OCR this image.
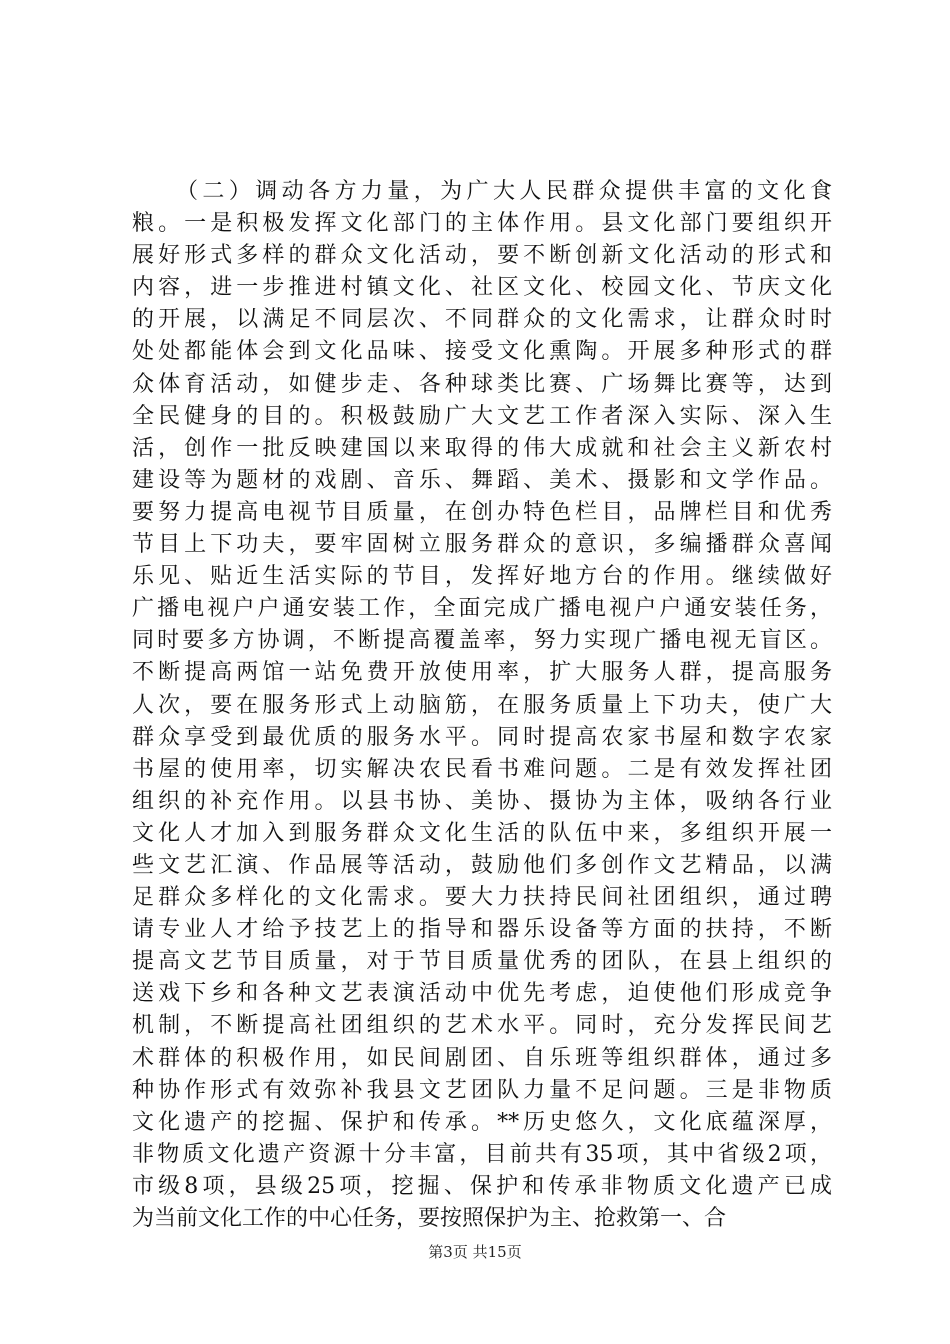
（二）调动各方力量，为广大人民群众提供丰富的文化食
粮。一是积极发挥文化部门的主体作用。县文化部门要组织开
展好形式多样的群众文化活动，要不断创新文化活动的形式和
内容，进一步推进村镇文化、社区文化、校园文化、节庆文化
的开展，以满足不同层次、不同群众的文化需求，让群众时时
处处都能体会到文化品味、接受文化熏陶。开展多种形式的群
众体育活动，如健步走、各种球类比赛、广场舞比赛等，达到
全民健身的目的。积极鼓励广大文艺工作者深入实际、深入生
活，创作一批反映建国以来取得的伟大成就和社会主义新农村
建设等为题材的戏剧、音乐、舞蹈、美术、摄影和文学作品。
要努力提高电视节目质量，在创办特色栏目，品牌栏目和优秀
节目上下功夫，要牢固树立服务群众的意识，多编播群众喜闻
乐见、贴近生活实际的节目，发挥好地方台的作用。继续做好
广播电视户户通安装工作，全面完成广播电视户户通安装任务，
同时要多方协调，不断提高覆盖率，努力实现广播电视无盲区。
不断提高两馆一站免费开放使用率，扩大服务人群，提高服务
人次，要在服务形式上动脑筋，在服务质量上下功夫，使广大
群众享受到最优质的服务水平。同时提高农家书屋和数字农家
书屋的使用率，切实解决农民看书难问题。二是有效发挥社团
组织的补充作用。以县书协、美协、摄协为主体，吸纳各行业
文化人才加入到服务群众文化生活的队伍中来，多组织开展一
些文艺汇演、作品展等活动，鼓励他们多创作文艺精品，以满
足群众多样化的文化需求。要大力扶持民间社团组织，通过聘
请专业人才给予技艺上的指导和器乐设备等方面的扶持，不断
提高文艺节目质量，对于节目质量优秀的团队，在县上组织的
送戏下乡和各种文艺表演活动中优先考虑，迫使他们形成竞争
机制，不断提高社团组织的艺术水平。同时，充分发挥民间艺
术群体的积极作用，如民间剧团、自乐班等组织群体，通过多
种协作形式有效弥补我县文艺团队力量不足问题。三是非物质
文化遗产的挖掘、保护和传承。**历史悠久，文化底蕴深厚，
非物质文化遗产资源十分丰富，目前共有35项，其中省级2项，
市级8项，县级25项，挖掘、保护和传承非物质文化遗产已成
为当前文化工作的中心任务，要按照保护为主、抢救第一、合
第3页 共15页
